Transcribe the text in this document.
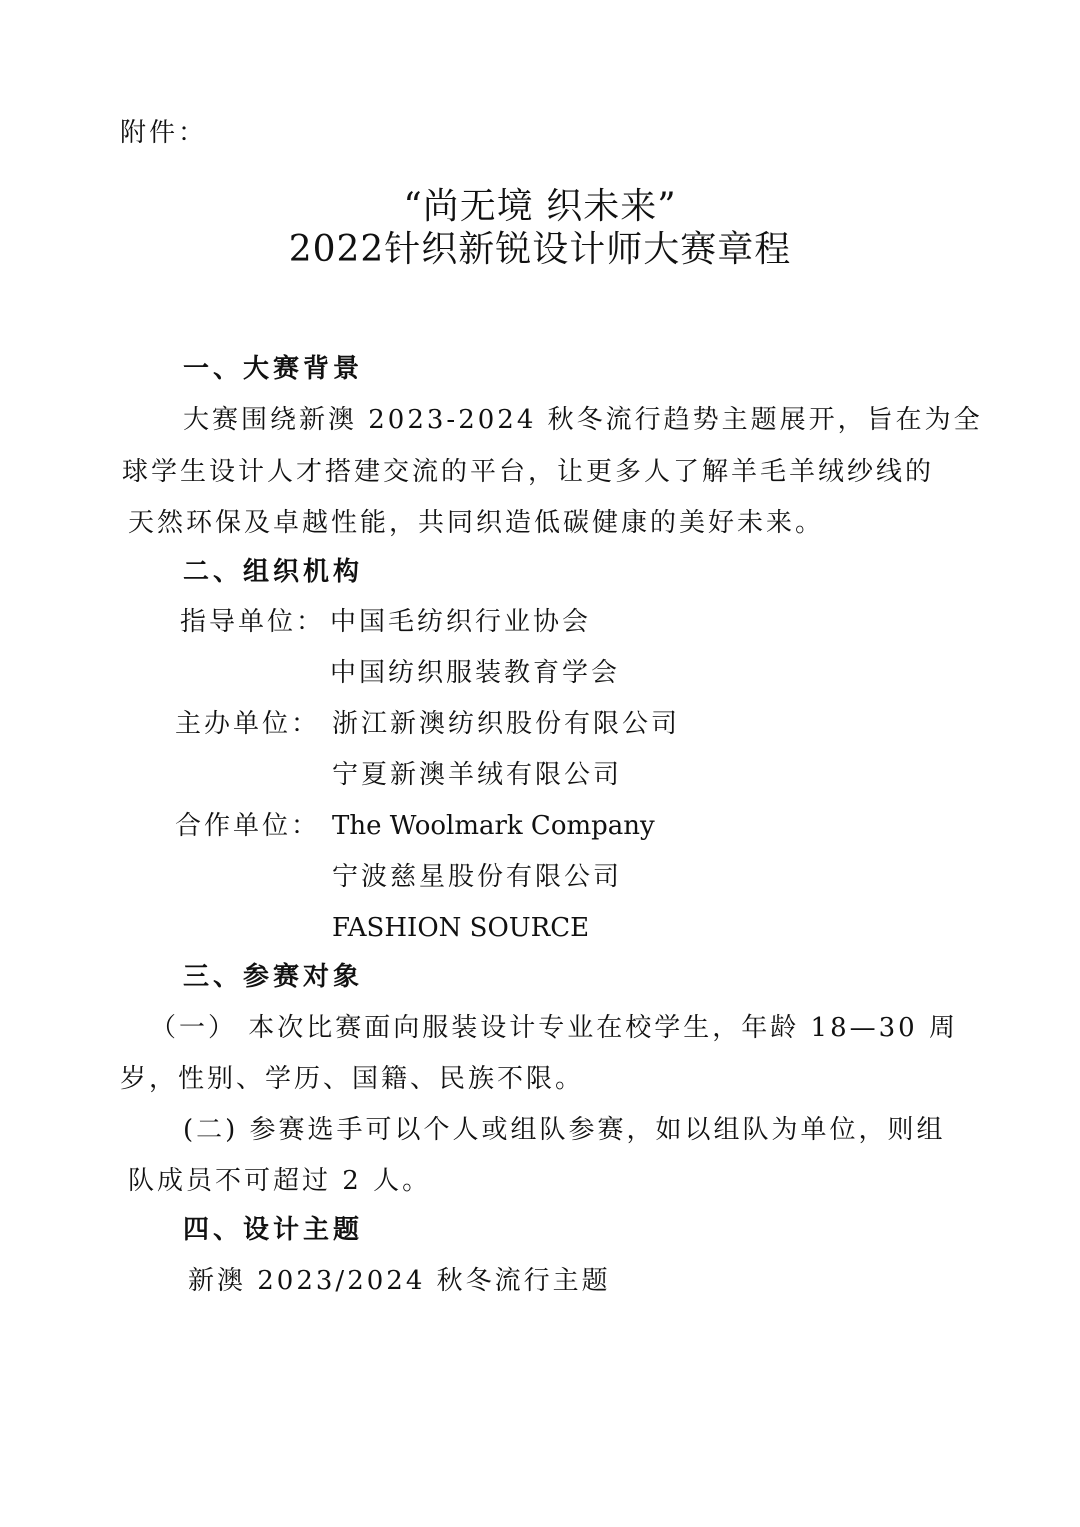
附件：
“尚无境 织未来”
2022针织新锐设计师大赛章程
一、大赛背景
大赛围绕新澳 2023-2024 秋冬流行趋势主题展开，旨在为全
球学生设计人才搭建交流的平台，让更多人了解羊毛羊绒纱线的
天然环保及卓越性能，共同织造低碳健康的美好未来。
二、组织机构
指导单位： 中国毛纺织行业协会
中国纺织服装教育学会
主办单位： 浙江新澳纺织股份有限公司
宁夏新澳羊绒有限公司
合作单位： The Woolmark Company
宁波慈星股份有限公司
FASHION SOURCE
三、参赛对象
（一） 本次比赛面向服装设计专业在校学生，年龄 18—30 周
岁，性别、学历、国籍、民族不限。
(二) 参赛选手可以个人或组队参赛，如以组队为单位，则组
队成员不可超过 2 人。
四、设计主题
新澳 2023/2024 秋冬流行主题
